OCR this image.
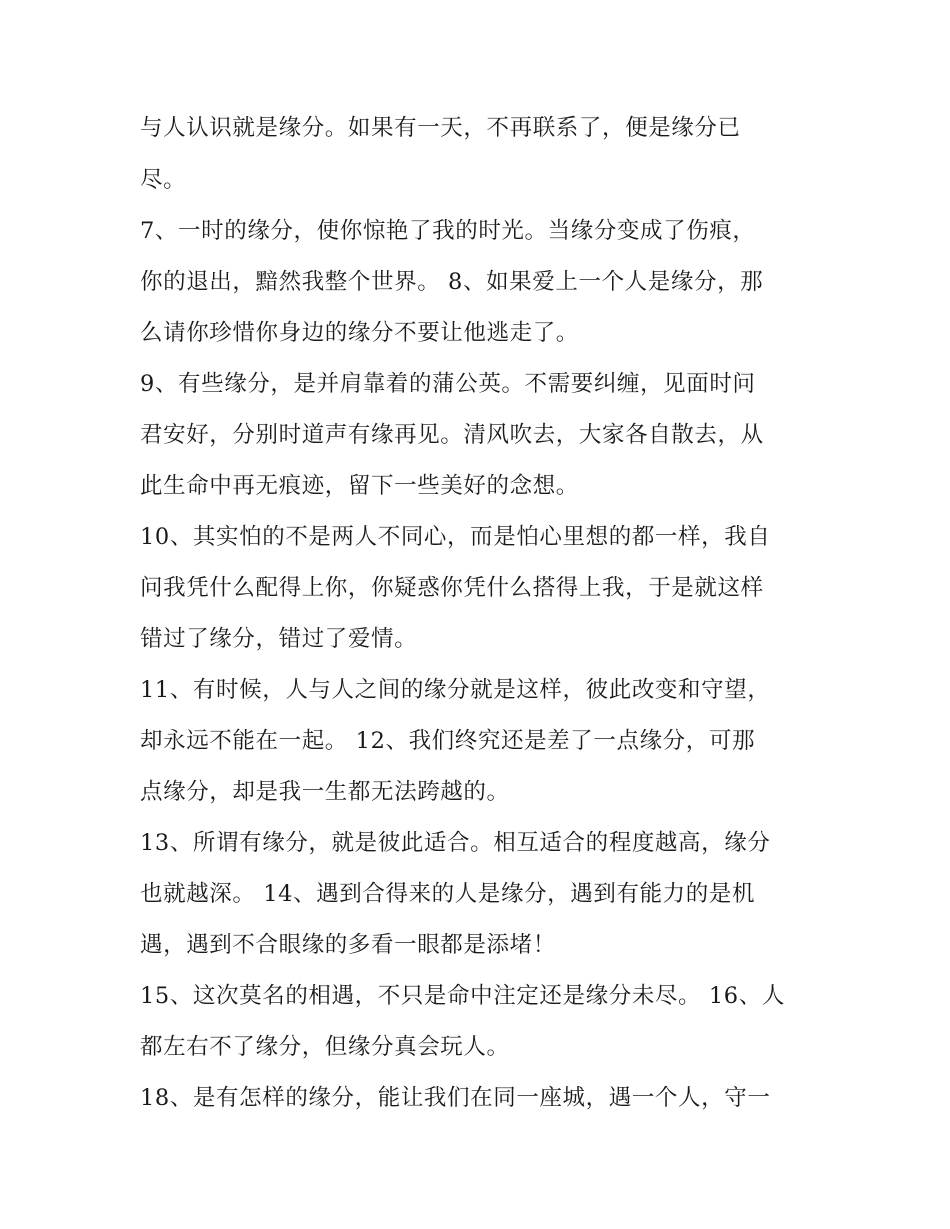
与人认识就是缘分。如果有一天，不再联系了，便是缘分已
尽。
7、一时的缘分，使你惊艳了我的时光。当缘分变成了伤痕，
你的退出，黯然我整个世界。 8、如果爱上一个人是缘分，那
么请你珍惜你身边的缘分不要让他逃走了。
9、有些缘分，是并肩靠着的蒲公英。不需要纠缠，见面时问
君安好，分别时道声有缘再见。清风吹去，大家各自散去，从
此生命中再无痕迹，留下一些美好的念想。
10、其实怕的不是两人不同心，而是怕心里想的都一样，我自
问我凭什么配得上你，你疑惑你凭什么搭得上我，于是就这样
错过了缘分，错过了爱情。
11、有时候，人与人之间的缘分就是这样，彼此改变和守望，
却永远不能在一起。 12、我们终究还是差了一点缘分，可那
点缘分，却是我一生都无法跨越的。
13、所谓有缘分，就是彼此适合。相互适合的程度越高，缘分
也就越深。 14、遇到合得来的人是缘分，遇到有能力的是机
遇，遇到不合眼缘的多看一眼都是添堵！
15、这次莫名的相遇，不只是命中注定还是缘分未尽。 16、人
都左右不了缘分，但缘分真会玩人。
18、是有怎样的缘分，能让我们在同一座城，遇一个人，守一
